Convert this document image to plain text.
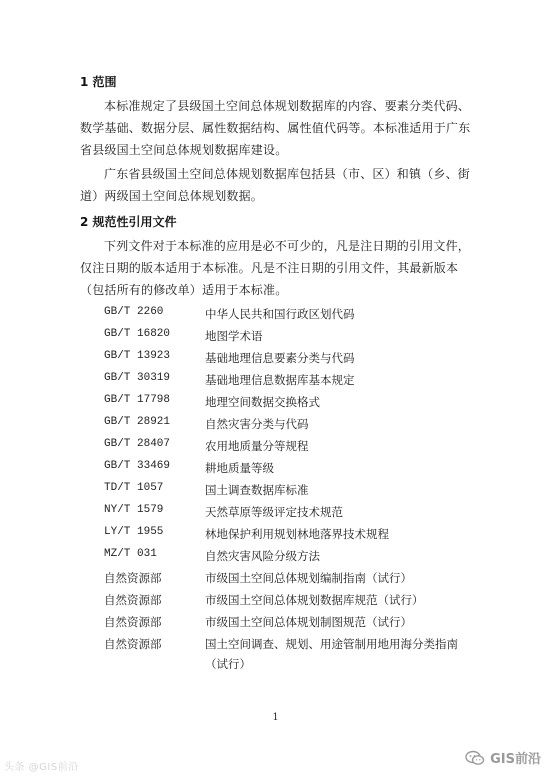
1 范围

本标准规定了县级国土空间总体规划数据库的内容、要素分类代码、数学基础、数据分层、属性数据结构、属性值代码等。本标准适用于广东省县级国土空间总体规划数据库建设。

广东省县级国土空间总体规划数据库包括县（市、区）和镇（乡、街道）两级国土空间总体规划数据。

2 规范性引用文件

下列文件对于本标准的应用是必不可少的，凡是注日期的引用文件，仅注日期的版本适用于本标准。凡是不注日期的引用文件，其最新版本（包括所有的修改单）适用于本标准。

GB/T 2260	中华人民共和国行政区划代码
GB/T 16820	地图学术语
GB/T 13923	基础地理信息要素分类与代码
GB/T 30319	基础地理信息数据库基本规定
GB/T 17798	地理空间数据交换格式
GB/T 28921	自然灾害分类与代码
GB/T 28407	农用地质量分等规程
GB/T 33469	耕地质量等级
TD/T 1057	国土调查数据库标准
NY/T 1579	天然草原等级评定技术规范
LY/T 1955	林地保护利用规划林地落界技术规程
MZ/T 031	自然灾害风险分级方法
自然资源部	市级国土空间总体规划编制指南（试行）
自然资源部	市级国土空间总体规划数据库规范（试行）
自然资源部	市级国土空间总体规划制图规范（试行）
自然资源部	国土空间调查、规划、用途管制用地用海分类指南（试行）
1
头条 @GIS前沿
GIS前沿
